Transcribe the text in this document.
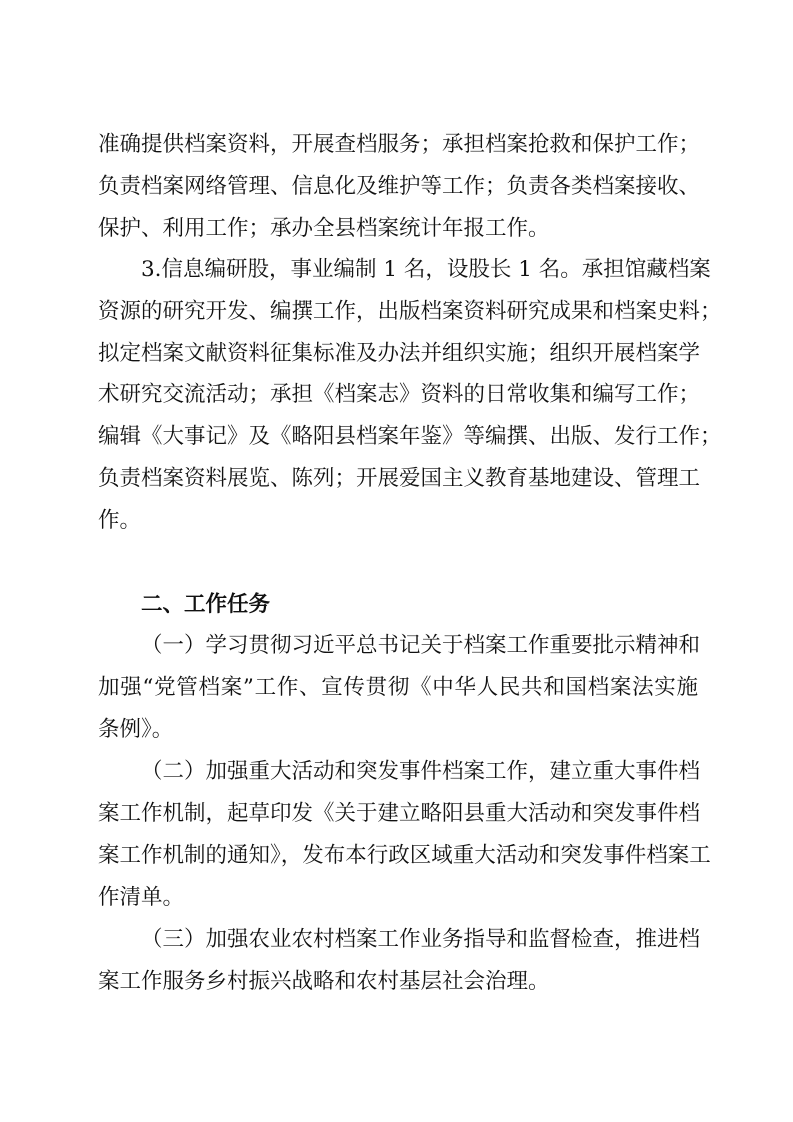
准确提供档案资料，开展查档服务；承担档案抢救和保护工作；
负责档案网络管理、信息化及维护等工作；负责各类档案接收、
保护、利用工作；承办全县档案统计年报工作。
3.信息编研股，事业编制 1 名，设股长 1 名。承担馆藏档案
资源的研究开发、编撰工作，出版档案资料研究成果和档案史料；
拟定档案文献资料征集标准及办法并组织实施；组织开展档案学
术研究交流活动；承担《档案志》资料的日常收集和编写工作；
编辑《大事记》及《略阳县档案年鉴》等编撰、出版、发行工作；
负责档案资料展览、陈列；开展爱国主义教育基地建设、管理工
作。
二、工作任务
（一）学习贯彻习近平总书记关于档案工作重要批示精神和
加强“党管档案”工作、宣传贯彻《中华人民共和国档案法实施
条例》。
（二）加强重大活动和突发事件档案工作，建立重大事件档
案工作机制，起草印发《关于建立略阳县重大活动和突发事件档
案工作机制的通知》，发布本行政区域重大活动和突发事件档案工
作清单。
（三）加强农业农村档案工作业务指导和监督检查，推进档
案工作服务乡村振兴战略和农村基层社会治理。
